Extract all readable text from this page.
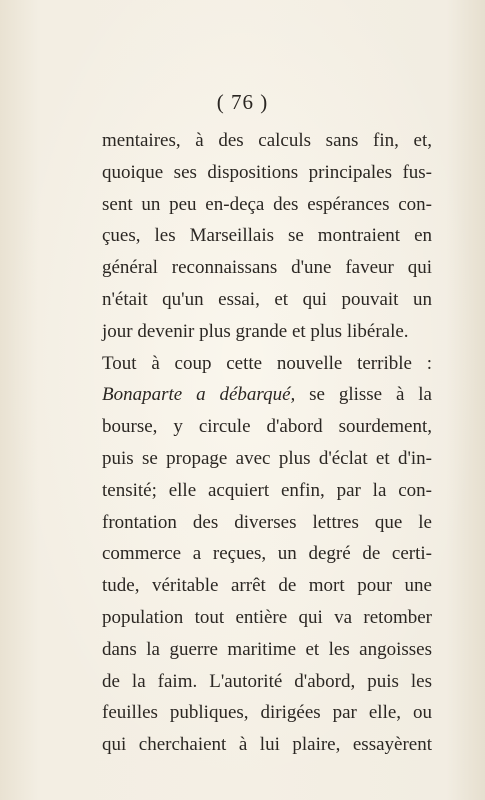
( 76 )
mentaires, à des calculs sans fin, et,
quoique ses dispositions principales fus-
sent un peu en-deça des espérances con-
çues, les Marseillais se montraient en
général reconnaissans d'une faveur qui
n'était qu'un essai, et qui pouvait un
jour devenir plus grande et plus libérale.
Tout à coup cette nouvelle terrible :
Bonaparte a débarqué, se glisse à la
bourse, y circule d'abord sourdement,
puis se propage avec plus d'éclat et d'in-
tensité; elle acquiert enfin, par la con-
frontation des diverses lettres que le
commerce a reçues, un degré de certi-
tude, véritable arrêt de mort pour une
population tout entière qui va retomber
dans la guerre maritime et les angoisses
de la faim. L'autorité d'abord, puis les
feuilles publiques, dirigées par elle, ou
qui cherchaient à lui plaire, essayèrent
